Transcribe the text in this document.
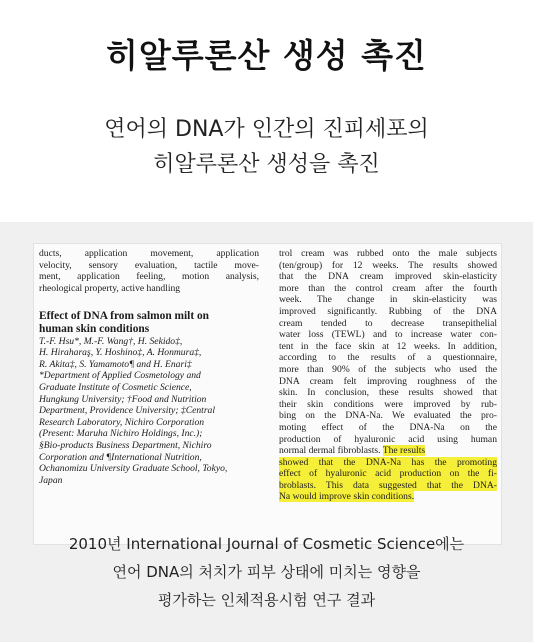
히알루론산 생성 촉진
연어의 DNA가 인간의 진피세포의
히알루론산 생성을 촉진
ducts, application movement, application
velocity, sensory evaluation, tactile move-
ment, application feeling, motion analysis,
rheological property, active handling
Effect of DNA from salmon milt on
human skin conditions
T.-F. Hsu*, M.-F. Wang†, H. Sekido‡,
H. Hiraharaş, Y. Hoshino‡, A. Honmura‡,
R. Akita‡, S. Yamamoto¶ and H. Enari‡
*Department of Applied Cosmetology and
Graduate Institute of Cosmetic Science,
Hungkung University; †Food and Nutrition
Department, Providence University; ‡Central
Research Laboratory, Nichiro Corporation
(Present: Maruha Nichiro Holdings, Inc.);
§Bio-products Business Department, Nichiro
Corporation and ¶International Nutrition,
Ochanomizu University Graduate School, Tokyo,
Japan
trol cream was rubbed onto the male subjects
(ten/group) for 12 weeks. The results showed
that the DNA cream improved skin-elasticity
more than the control cream after the fourth
week. The change in skin-elasticity was
improved significantly. Rubbing of the DNA
cream tended to decrease transepithelial
water loss (TEWL) and to increase water con-
tent in the face skin at 12 weeks. In addition,
according to the results of a questionnaire,
more than 90% of the subjects who used the
DNA cream felt improving roughness of the
skin. In conclusion, these results showed that
their skin conditions were improved by rub-
bing on the DNA-Na. We evaluated the pro-
moting effect of the DNA-Na on the
production of hyaluronic acid using human
normal dermal fibroblasts. The results
showed that the DNA-Na has the promoting
effect of hyaluronic acid production on the fi-
broblasts. This data suggested that the DNA-
Na would improve skin conditions.
2010년 International Journal of Cosmetic Science에는
연어 DNA의 처치가 피부 상태에 미치는 영향을
평가하는 인체적용시험 연구 결과
